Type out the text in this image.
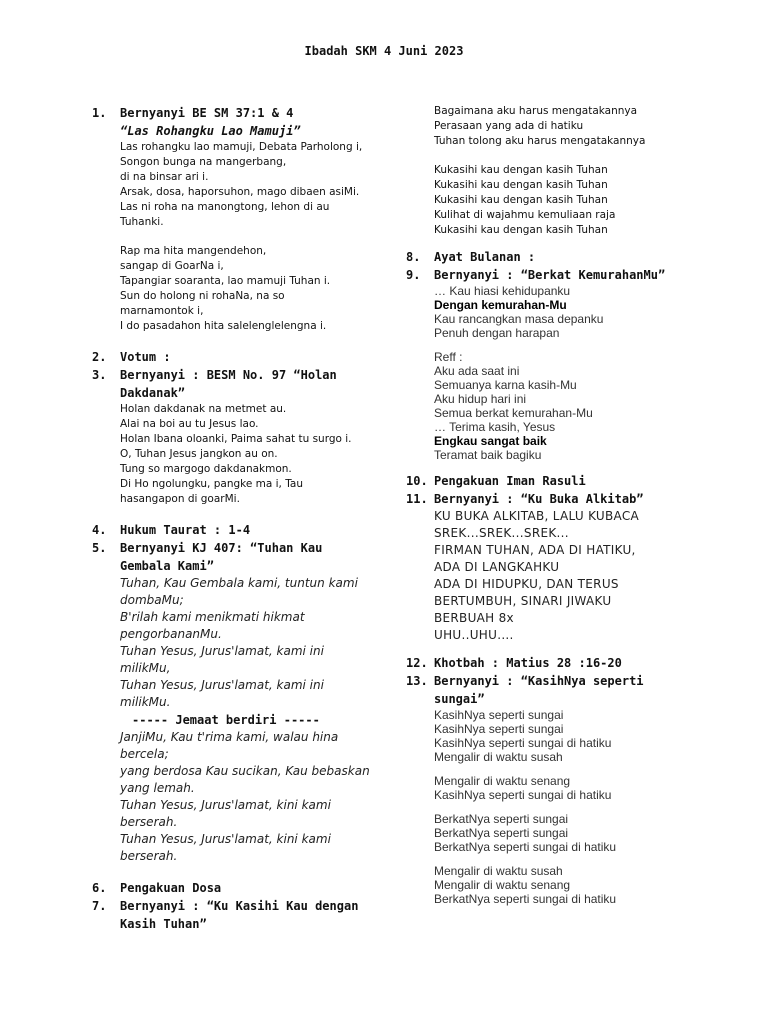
Ibadah SKM 4 Juni 2023
1. Bernyanyi BE SM 37:1 & 4
“Las Rohangku Lao Mamuji”
Las rohangku lao mamuji, Debata Parholong i,
Songon bunga na mangerbang,
di na binsar ari i.
Arsak, dosa, haporsuhon, mago dibaen asiMi.
Las ni roha na manongtong, lehon di au
Tuhanki.
Rap ma hita mangendehon,
sangap di GoarNa i,
Tapangiar soaranta, lao mamuji Tuhan i.
Sun do holong ni rohaNa, na so
marnamontok i,
I do pasadahon hita salelenglelengna i.
2. Votum :
3. Bernyanyi : BESM No. 97 “Holan
Dakdanak”
Holan dakdanak na metmet au.
Alai na boi au tu Jesus lao.
Holan Ibana oloanki, Paima sahat tu surgo i.
O, Tuhan Jesus jangkon au on.
Tung so margogo dakdanakmon.
Di Ho ngolungku, pangke ma i, Tau
hasangapon di goarMi.
4. Hukum Taurat : 1-4
5. Bernyanyi KJ 407: “Tuhan Kau
Gembala Kami”
Tuhan, Kau Gembala kami, tuntun kami
dombaMu;
B'rilah kami menikmati hikmat
pengorbananMu.
Tuhan Yesus, Jurus'lamat, kami ini
milikMu,
Tuhan Yesus, Jurus'lamat, kami ini
milikMu.
----- Jemaat berdiri -----
JanjiMu, Kau t'rima kami, walau hina
bercela;
yang berdosa Kau sucikan, Kau bebaskan
yang lemah.
Tuhan Yesus, Jurus'lamat, kini kami
berserah.
Tuhan Yesus, Jurus'lamat, kini kami
berserah.
6. Pengakuan Dosa
7. Bernyanyi : “Ku Kasihi Kau dengan
Kasih Tuhan”
Bagaimana aku harus mengatakannya
Perasaan yang ada di hatiku
Tuhan tolong aku harus mengatakannya
Kukasihi kau dengan kasih Tuhan
Kukasihi kau dengan kasih Tuhan
Kukasihi kau dengan kasih Tuhan
Kulihat di wajahmu kemuliaan raja
Kukasihi kau dengan kasih Tuhan
8. Ayat Bulanan :
9. Bernyanyi : “Berkat KemurahanMu”
… Kau hiasi kehidupanku
Dengan kemurahan-Mu
Kau rancangkan masa depanku
Penuh dengan harapan
Reff :
Aku ada saat ini
Semuanya karna kasih-Mu
Aku hidup hari ini
Semua berkat kemurahan-Mu
… Terima kasih, Yesus
Engkau sangat baik
Teramat baik bagiku
10. Pengakuan Iman Rasuli
11. Bernyanyi : “Ku Buka Alkitab”
KU BUKA ALKITAB, LALU KUBACA
SREK...SREK...SREK...
FIRMAN TUHAN, ADA DI HATIKU,
ADA DI LANGKAHKU
ADA DI HIDUPKU, DAN TERUS
BERTUMBUH, SINARI JIWAKU
BERBUAH 8x
UHU..UHU....
12. Khotbah : Matius 28 :16-20
13. Bernyanyi : “KasihNya seperti sungai”
KasihNya seperti sungai
KasihNya seperti sungai
KasihNya seperti sungai di hatiku
Mengalir di waktu susah
Mengalir di waktu senang
KasihNya seperti sungai di hatiku
BerkatNya seperti sungai
BerkatNya seperti sungai
BerkatNya seperti sungai di hatiku
Mengalir di waktu susah
Mengalir di waktu senang
BerkatNya seperti sungai di hatiku
